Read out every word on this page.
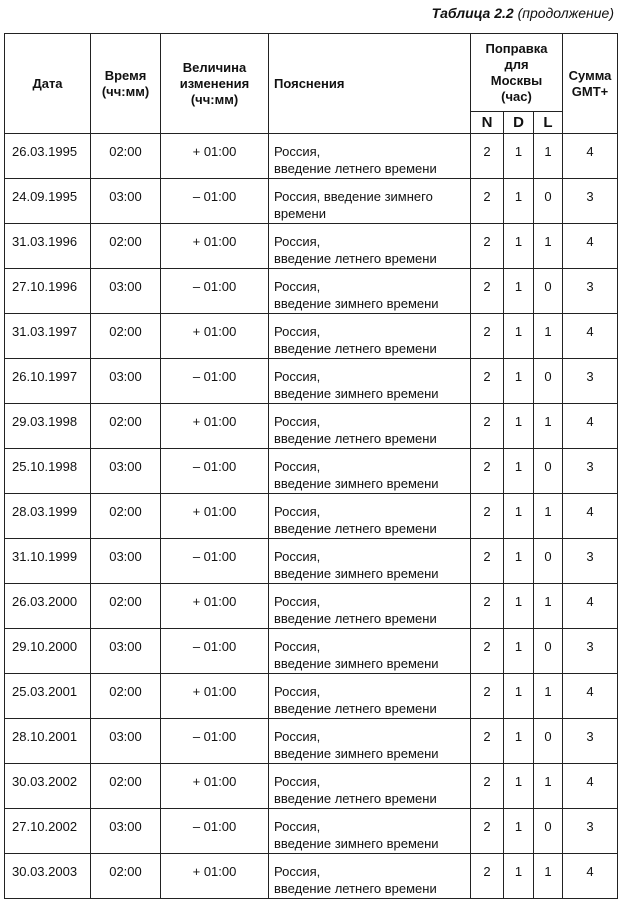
Таблица 2.2 (продолжение)
Дата	Время
(чч:мм)	Величина
изменения
(чч:мм)	Пояснения	Поправка
для
Москвы
(час)			Сумма
GMT+
				N	D	L	
26.03.1995	02:00	+ 01:00	Россия,
введение летнего времени	2	1	1	4
24.09.1995	03:00	– 01:00	Россия, введение зимнего
времени	2	1	0	3
31.03.1996	02:00	+ 01:00	Россия,
введение летнего времени	2	1	1	4
27.10.1996	03:00	– 01:00	Россия,
введение зимнего времени	2	1	0	3
31.03.1997	02:00	+ 01:00	Россия,
введение летнего времени	2	1	1	4
26.10.1997	03:00	– 01:00	Россия,
введение зимнего времени	2	1	0	3
29.03.1998	02:00	+ 01:00	Россия,
введение летнего времени	2	1	1	4
25.10.1998	03:00	– 01:00	Россия,
введение зимнего времени	2	1	0	3
28.03.1999	02:00	+ 01:00	Россия,
введение летнего времени	2	1	1	4
31.10.1999	03:00	– 01:00	Россия,
введение зимнего времени	2	1	0	3
26.03.2000	02:00	+ 01:00	Россия,
введение летнего времени	2	1	1	4
29.10.2000	03:00	– 01:00	Россия,
введение зимнего времени	2	1	0	3
25.03.2001	02:00	+ 01:00	Россия,
введение летнего времени	2	1	1	4
28.10.2001	03:00	– 01:00	Россия,
введение зимнего времени	2	1	0	3
30.03.2002	02:00	+ 01:00	Россия,
введение летнего времени	2	1	1	4
27.10.2002	03:00	– 01:00	Россия,
введение зимнего времени	2	1	0	3
30.03.2003	02:00	+ 01:00	Россия,
введение летнего времени	2	1	1	4
